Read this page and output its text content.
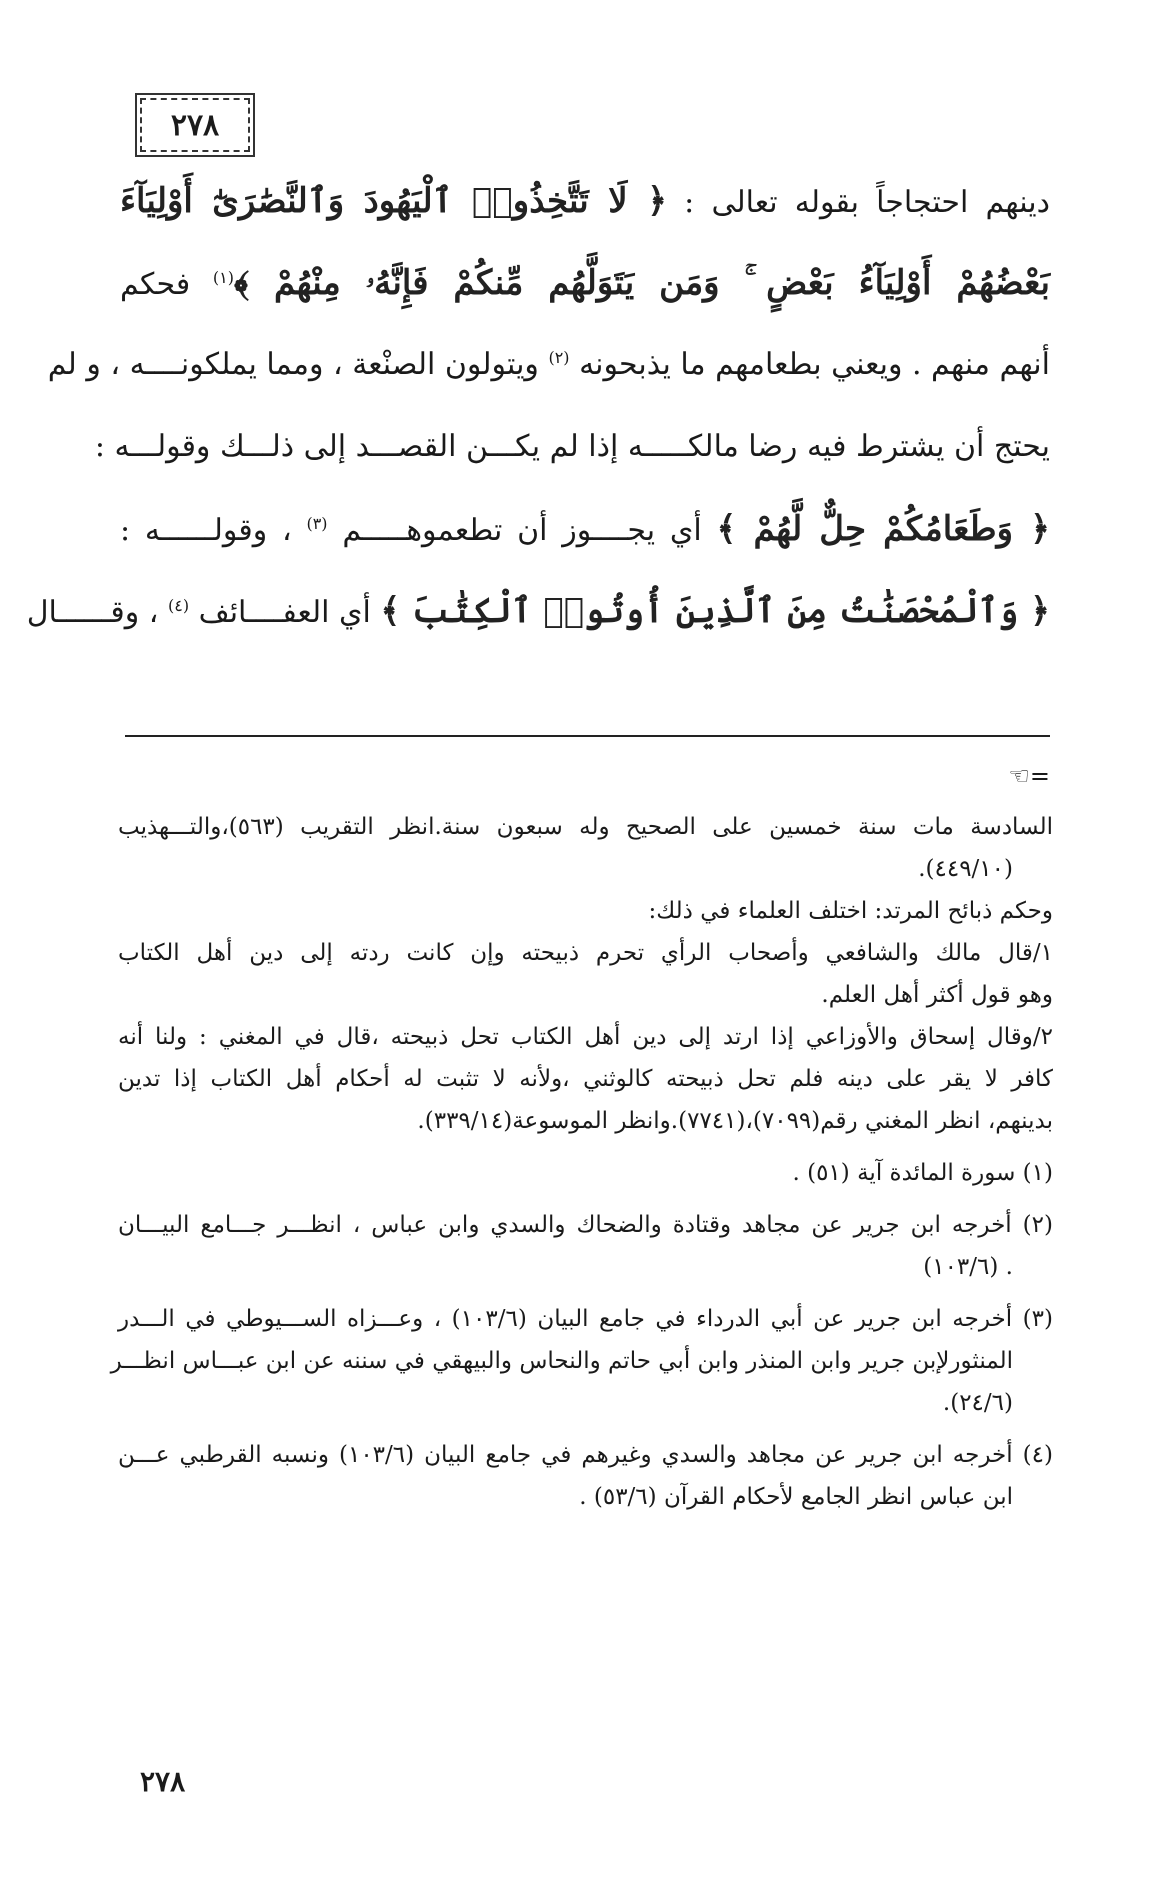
٢٧٨
دينهم احتجاجاً بقوله تعالى : ﴿ لَا تَتَّخِذُوا۟ ٱلْيَهُودَ وَٱلنَّصَٰرَىٰٓ أَوْلِيَآءَ
بَعْضُهُمْ أَوْلِيَآءُ بَعْضٍ ۚ وَمَن يَتَوَلَّهُم مِّنكُمْ فَإِنَّهُۥ مِنْهُمْ ﴾$^{(١)}$ فحكم
أنهم منهم . ويعني بطعامهم ما يذبحونه $^{(٢)}$ ويتولون الصنْعة ، ومما يملكونــــه ، و لم
يحتج أن يشترط فيه رضا مالكـــــه إذا لم يكـــن القصـــد إلى ذلـــك وقولـــه :
﴿ وَطَعَامُكُمْ حِلٌّ لَّهُمْ ﴾ أي يجــــوز أن تطعموهـــــم $^{(٣)}$ ، وقولــــــه :
﴿ وَٱلْمُحْصَنَٰتُ مِنَ ٱلَّذِينَ أُوتُوا۟ ٱلْكِتَٰبَ ﴾ أي العفــــائف $^{(٤)}$ ، وقــــــال
☜=
السادسة مات سنة خمسين على الصحيح وله سبعون سنة.انظر التقريب (٥٦٣)،والتـــهذيب
(٤٤٩/١٠).
وحكم ذبائح المرتد: اختلف العلماء في ذلك:
١/قال مالك والشافعي وأصحاب الرأي تحرم ذبيحته وإن كانت ردته إلى دين أهل الكتاب
وهو قول أكثر أهل العلم.
٢/وقال إسحاق والأوزاعي إذا ارتد إلى دين أهل الكتاب تحل ذبيحته ،قال في المغني : ولنا أنه
كافر لا يقر على دينه فلم تحل ذبيحته كالوثني ،ولأنه لا تثبت له أحكام أهل الكتاب إذا تدين
بدينهم، انظر المغني رقم(٧٠٩٩)،(٧٧٤١).وانظر الموسوعة(٣٣٩/١٤).
(١) سورة المائدة آية (٥١) .
(٢) أخرجه ابن جرير عن مجاهد وقتادة والضحاك والسدي وابن عباس ، انظـــر جـــامع البيـــان
. (١٠٣/٦)
(٣) أخرجه ابن جرير عن أبي الدرداء في جامع البيان (١٠٣/٦) ، وعـــزاه الســـيوطي في الـــدر
المنثورلإبن جرير وابن المنذر وابن أبي حاتم والنحاس والبيهقي في سننه عن ابن عبـــاس انظـــر
(٢٤/٦).
(٤) أخرجه ابن جرير عن مجاهد والسدي وغيرهم في جامع البيان (١٠٣/٦) ونسبه القرطبي عـــن
ابن عباس انظر الجامع لأحكام القرآن (٥٣/٦) .
٢٧٨
